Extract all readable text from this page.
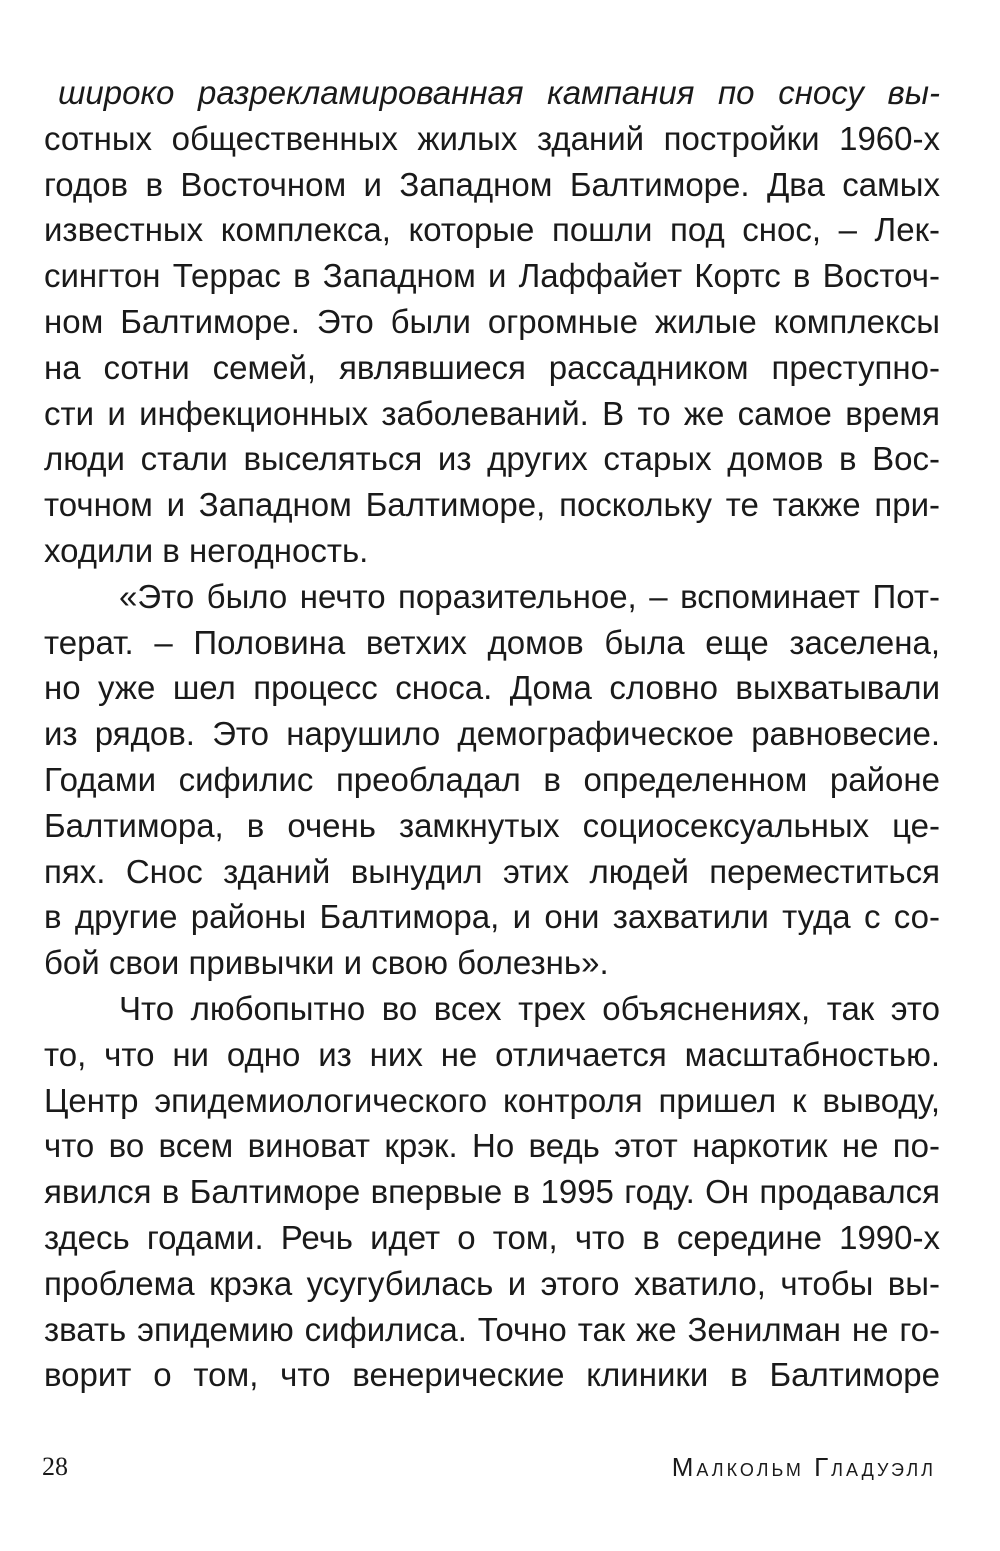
широко разрекламированная кампания по сносу вы-
сотных общественных жилых зданий постройки 1960-х
годов в Восточном и Западном Балтиморе. Два самых
известных комплекса, которые пошли под снос, – Лек-
сингтон Террас в Западном и Лаффайет Кортс в Восточ-
ном Балтиморе. Это были огромные жилые комплексы
на сотни семей, являвшиеся рассадником преступно-
сти и инфекционных заболеваний. В то же самое время
люди стали выселяться из других старых домов в Вос-
точном и Западном Балтиморе, поскольку те также при-
ходили в негодность.
«Это было нечто поразительное, – вспоминает Пот-
терат. – Половина ветхих домов была еще заселена,
но уже шел процесс сноса. Дома словно выхватывали
из рядов. Это нарушило демографическое равновесие.
Годами сифилис преобладал в определенном районе
Балтимора, в очень замкнутых социосексуальных це-
пях. Снос зданий вынудил этих людей переместиться
в другие районы Балтимора, и они захватили туда с со-
бой свои привычки и свою болезнь».
Что любопытно во всех трех объяснениях, так это
то, что ни одно из них не отличается масштабностью.
Центр эпидемиологического контроля пришел к выводу,
что во всем виноват крэк. Но ведь этот наркотик не по-
явился в Балтиморе впервые в 1995 году. Он продавался
здесь годами. Речь идет о том, что в середине 1990-х
проблема крэка усугубилась и этого хватило, чтобы вы-
звать эпидемию сифилиса. Точно так же Зенилман не го-
ворит о том, что венерические клиники в Балтиморе
28	Малкольм Гладуэлл
